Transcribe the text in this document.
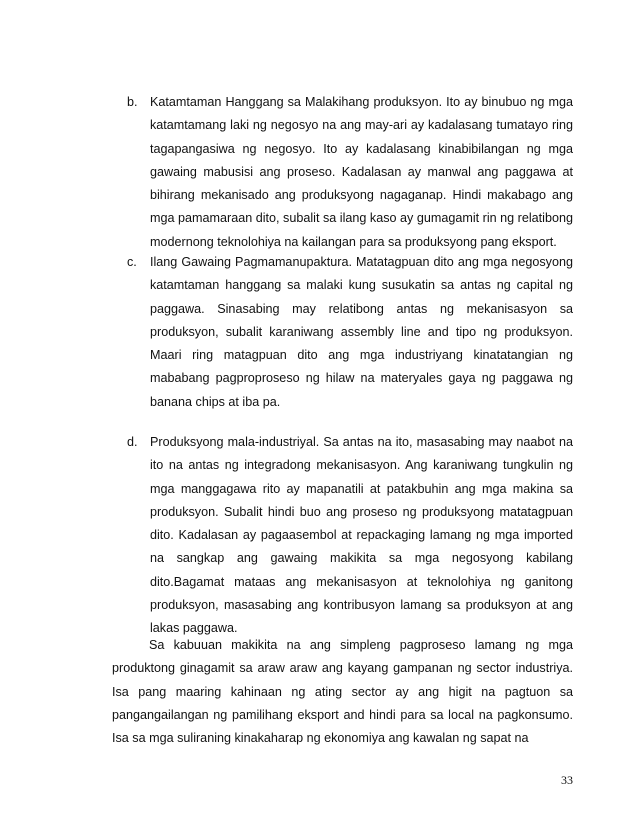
b. Katamtaman Hanggang sa Malakihang produksyon. Ito ay binubuo ng mga katamtamang laki ng negosyo na ang may-ari ay kadalasang tumatayo ring tagapangasiwa ng negosyo. Ito ay kadalasang kinabibilangan ng mga gawaing mabusisi ang proseso. Kadalasan ay manwal ang paggawa at bihirang mekanisado ang produksyong nagaganap. Hindi makabago ang mga pamamaraan dito, subalit sa ilang kaso ay gumagamit rin ng relatibong modernong teknolohiya na kailangan para sa produksyong pang eksport.
c. Ilang Gawaing Pagmamanupaktura. Matatagpuan dito ang mga negosyong katamtaman hanggang sa malaki kung susukatin sa antas ng capital ng paggawa. Sinasabing may relatibong antas ng mekanisasyon sa produksyon, subalit karaniwang assembly line and tipo ng produksyon. Maari ring matagpuan dito ang mga industriyang kinatatangian ng mababang pagproproseso ng hilaw na materyales gaya ng paggawa ng banana chips at iba pa.
d. Produksyong mala-industriyal. Sa antas na ito, masasabing may naabot na ito na antas ng integradong mekanisasyon. Ang karaniwang tungkulin ng mga manggagawa rito ay mapanatili at patakbuhin ang mga makina sa produksyon. Subalit hindi buo ang proseso ng produksyong matatagpuan dito. Kadalasan ay pagaasembol at repackaging lamang ng mga imported na sangkap ang gawaing makikita sa mga negosyong kabilang dito.Bagamat mataas ang mekanisasyon at teknolohiya ng ganitong produksyon, masasabing ang kontribusyon lamang sa produksyon at ang lakas paggawa.

Sa kabuuan makikita na ang simpleng pagproseso lamang ng mga produktong ginagamit sa araw araw ang kayang gampanan ng sector industriya. Isa pang maaring kahinaan ng ating sector ay ang higit na pagtuon sa pangangailangan ng pamilihang eksport and hindi para sa local na pagkonsumo. Isa sa mga suliraning kinakaharap ng ekonomiya ang kawalan ng sapat na

33
